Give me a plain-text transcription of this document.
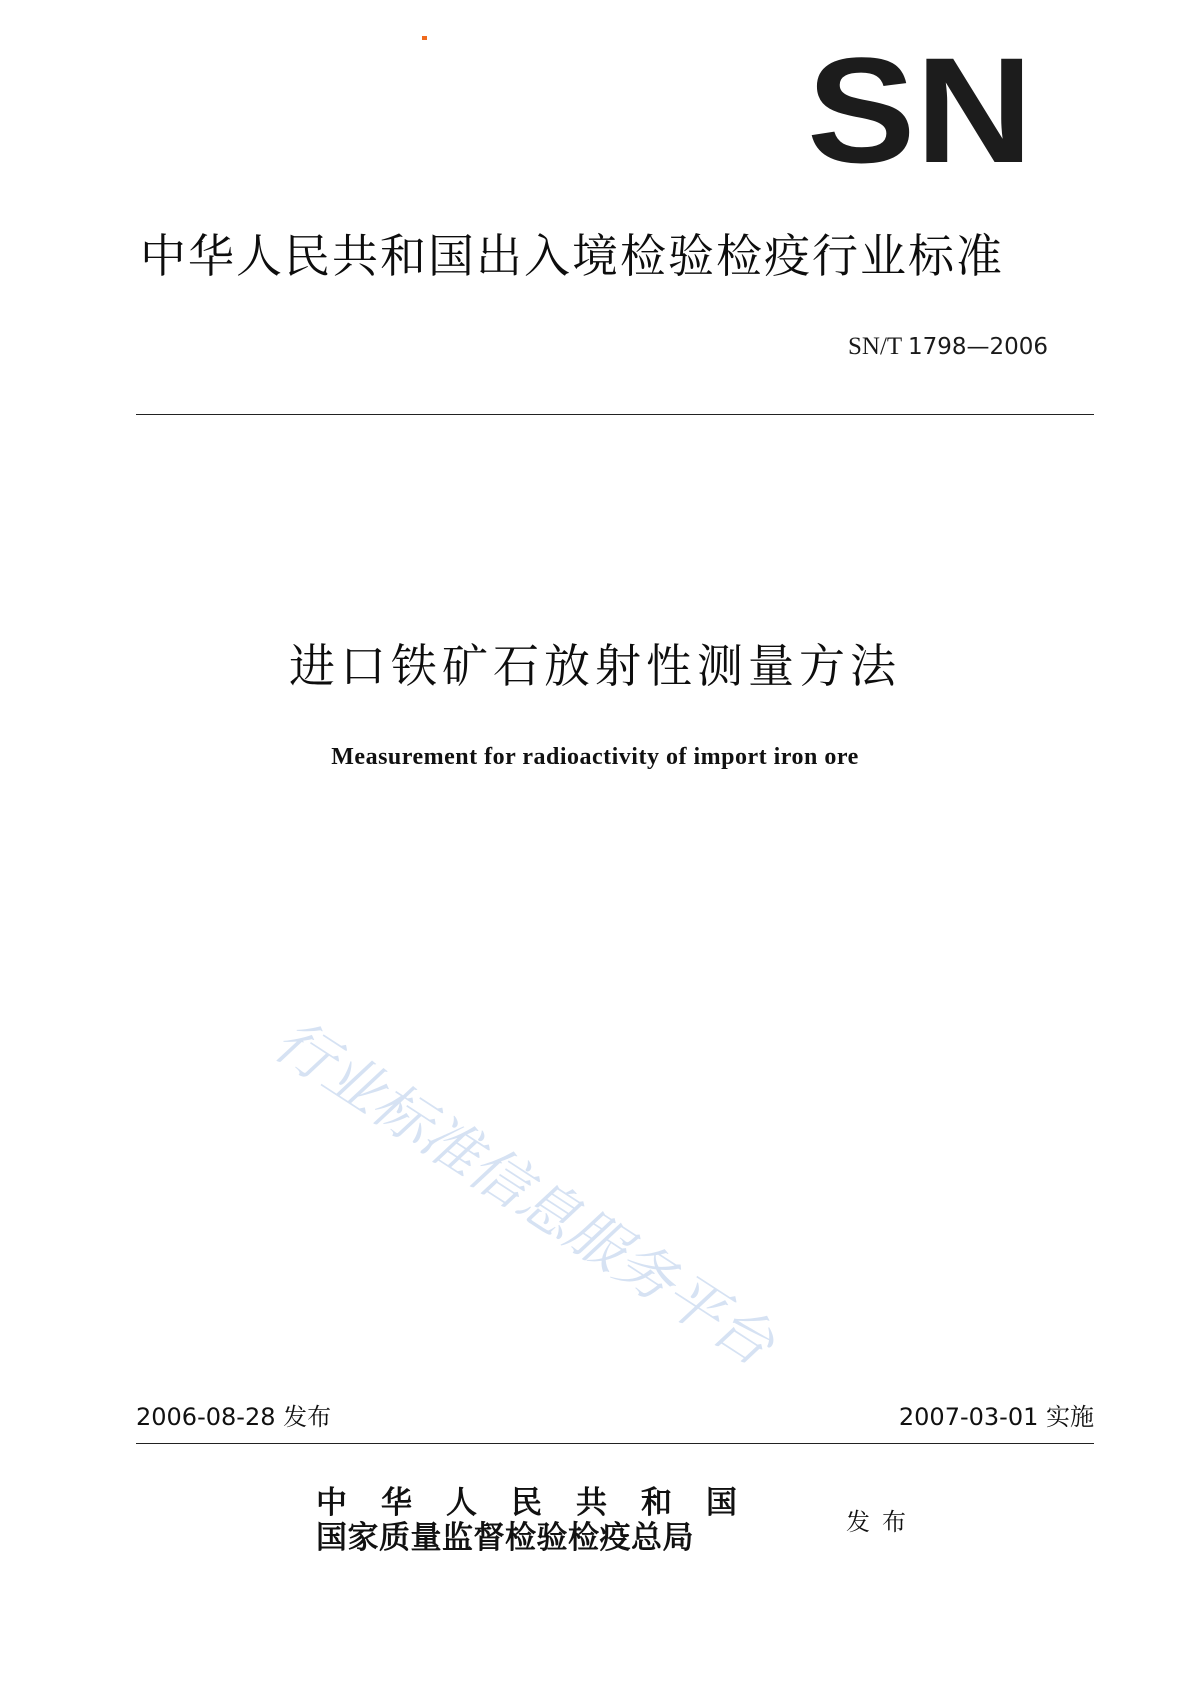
SN
中华人民共和国出入境检验检疫行业标准
SN/T 1798—2006
进口铁矿石放射性测量方法
Measurement for radioactivity of import iron ore
行业标准信息服务平台
2006-08-28 发布	2007-03-01 实施
中华人民共和国
国家质量监督检验检疫总局	发布
